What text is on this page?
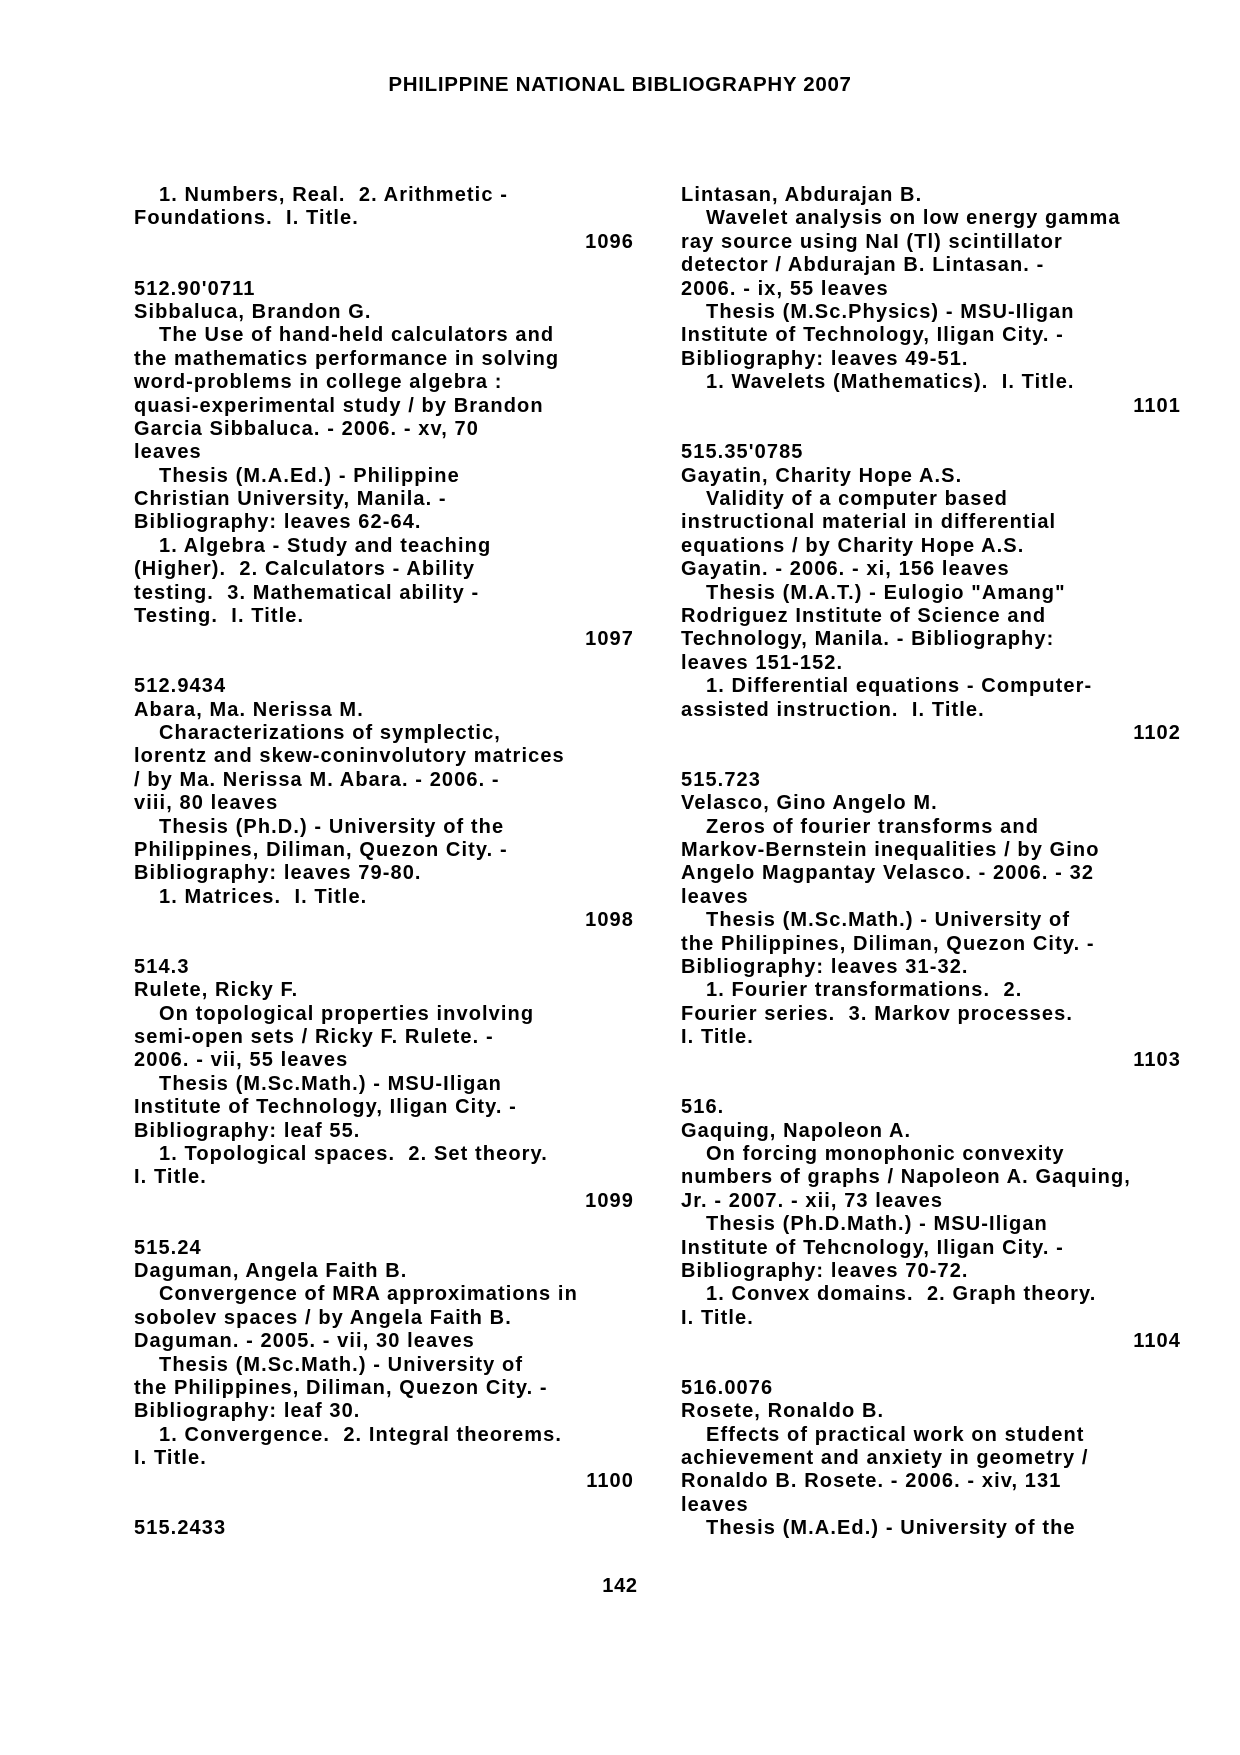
PHILIPPINE NATIONAL BIBLIOGRAPHY 2007
1. Numbers, Real.  2. Arithmetic -
Foundations.  I. Title.
1096
512.90'0711
Sibbaluca, Brandon G.
The Use of hand-held calculators and
the mathematics performance in solving
word-problems in college algebra :
quasi-experimental study / by Brandon
Garcia Sibbaluca. - 2006. - xv, 70
leaves
Thesis (M.A.Ed.) - Philippine
Christian University, Manila. -
Bibliography: leaves 62-64.
1. Algebra - Study and teaching
(Higher).  2. Calculators - Ability
testing.  3. Mathematical ability -
Testing.  I. Title.
1097
512.9434
Abara, Ma. Nerissa M.
Characterizations of symplectic,
lorentz and skew-coninvolutory matrices
/ by Ma. Nerissa M. Abara. - 2006. -
viii, 80 leaves
Thesis (Ph.D.) - University of the
Philippines, Diliman, Quezon City. -
Bibliography: leaves 79-80.
1. Matrices.  I. Title.
1098
514.3
Rulete, Ricky F.
On topological properties involving
semi-open sets / Ricky F. Rulete. -
2006. - vii, 55 leaves
Thesis (M.Sc.Math.) - MSU-Iligan
Institute of Technology, Iligan City. -
Bibliography: leaf 55.
1. Topological spaces.  2. Set theory.
I. Title.
1099
515.24
Daguman, Angela Faith B.
Convergence of MRA approximations in
sobolev spaces / by Angela Faith B.
Daguman. - 2005. - vii, 30 leaves
Thesis (M.Sc.Math.) - University of
the Philippines, Diliman, Quezon City. -
Bibliography: leaf 30.
1. Convergence.  2. Integral theorems.
I. Title.
1100
515.2433
Lintasan, Abdurajan B.
Wavelet analysis on low energy gamma
ray source using NaI (Tl) scintillator
detector / Abdurajan B. Lintasan. -
2006. - ix, 55 leaves
Thesis (M.Sc.Physics) - MSU-Iligan
Institute of Technology, Iligan City. -
Bibliography: leaves 49-51.
1. Wavelets (Mathematics).  I. Title.
1101
515.35'0785
Gayatin, Charity Hope A.S.
Validity of a computer based
instructional material in differential
equations / by Charity Hope A.S.
Gayatin. - 2006. - xi, 156 leaves
Thesis (M.A.T.) - Eulogio "Amang"
Rodriguez Institute of Science and
Technology, Manila. - Bibliography:
leaves 151-152.
1. Differential equations - Computer-
assisted instruction.  I. Title.
1102
515.723
Velasco, Gino Angelo M.
Zeros of fourier transforms and
Markov-Bernstein inequalities / by Gino
Angelo Magpantay Velasco. - 2006. - 32
leaves
Thesis (M.Sc.Math.) - University of
the Philippines, Diliman, Quezon City. -
Bibliography: leaves 31-32.
1. Fourier transformations.  2.
Fourier series.  3. Markov processes.
I. Title.
1103
516.
Gaquing, Napoleon A.
On forcing monophonic convexity
numbers of graphs / Napoleon A. Gaquing,
Jr. - 2007. - xii, 73 leaves
Thesis (Ph.D.Math.) - MSU-Iligan
Institute of Tehcnology, Iligan City. -
Bibliography: leaves 70-72.
1. Convex domains.  2. Graph theory.
I. Title.
1104
516.0076
Rosete, Ronaldo B.
Effects of practical work on student
achievement and anxiety in geometry /
Ronaldo B. Rosete. - 2006. - xiv, 131
leaves
Thesis (M.A.Ed.) - University of the
142
